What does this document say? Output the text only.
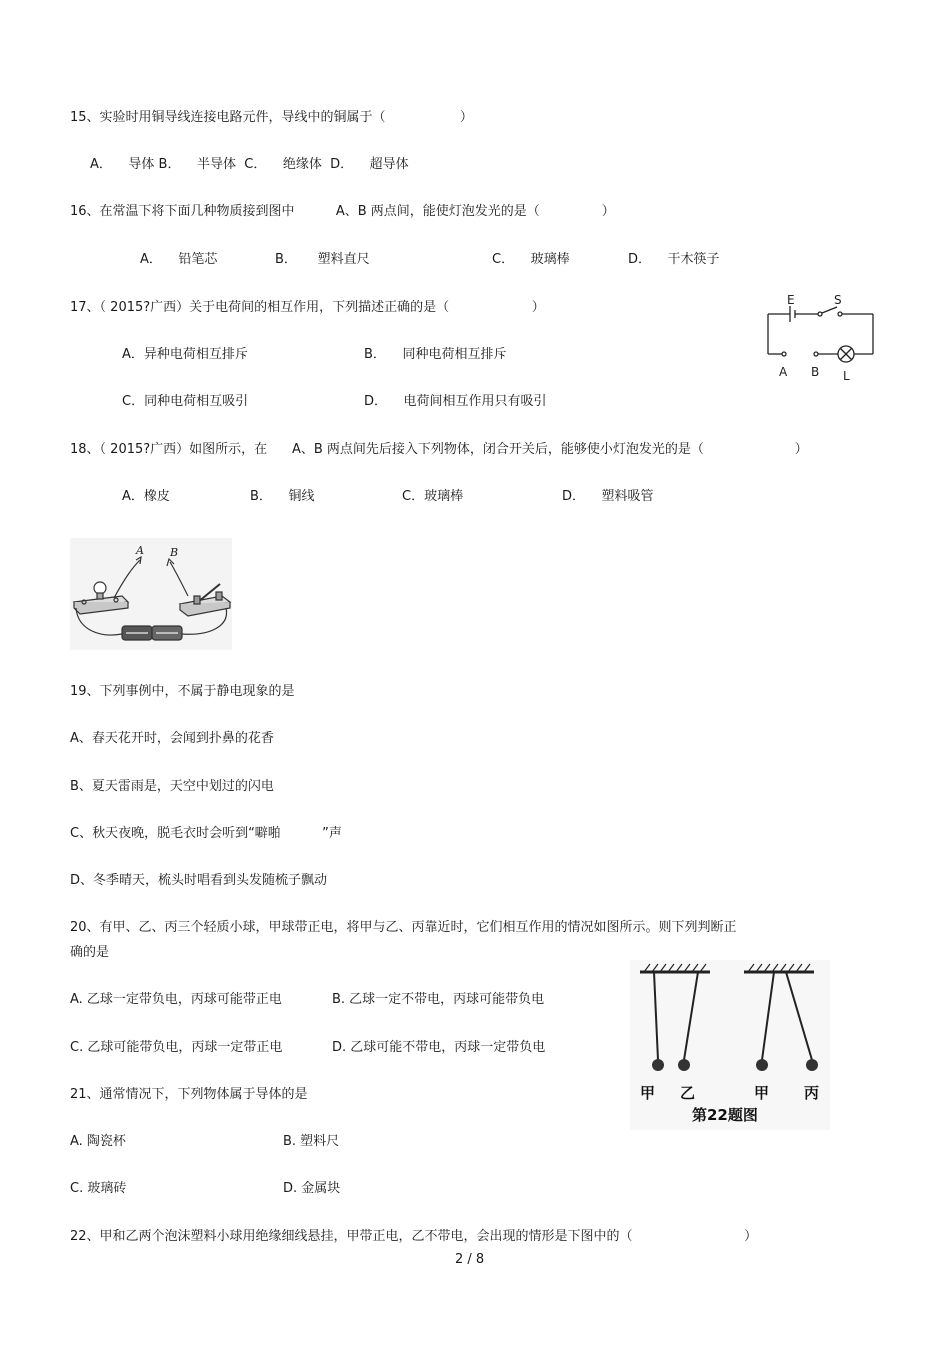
15、实验时用铜导线连接电路元件，导线中的铜属于（                  ）
A．    导体 B．    半导体  C．    绝缘体  D．    超导体
16、在常温下将下面几种物质接到图中          A、B 两点间，能使灯泡发光的是（               ）
A．    铅笔芯	B．     塑料直尺	C．    玻璃棒	D．    干木筷子
17、（ 2015?广西）关于电荷间的相互作用，下列描述正确的是（                    ）
A．异种电荷相互排斥	B．    同种电荷相互排斥
C．同种电荷相互吸引	D．    电荷间相互作用只有吸引
E	S
A B L
18、（ 2015?广西）如图所示，在      A、B 两点间先后接入下列物体，闭合开关后，能够使小灯泡发光的是（                      ）
A．橡皮	B．    铜线	C．玻璃棒	D．    塑料吸管
A B
19、下列事例中，不属于静电现象的是
A、春天花开时，会闻到扑鼻的花香
B、夏天雷雨是，天空中划过的闪电
C、秋天夜晚，脱毛衣时会听到“噼啪          ”声
D、冬季晴天，梳头时唱看到头发随梳子飘动
20、有甲、乙、丙三个轻质小球，甲球带正电，将甲与乙、丙靠近时，它们相互作用的情况如图所示。则下列判断正
确的是
A. 乙球一定带负电，丙球可能带正电	B. 乙球一定不带电，丙球可能带负电
C. 乙球可能带负电，丙球一定带正电	D. 乙球可能不带电，丙球一定带负电
甲 乙	甲 丙
第22题图
21、通常情况下，下列物体属于导体的是
A. 陶瓷杯	B. 塑料尺
C. 玻璃砖	D. 金属块
22、甲和乙两个泡沫塑料小球用绝缘细线悬挂，甲带正电，乙不带电，会出现的情形是下图中的（                           ）
2 / 8
